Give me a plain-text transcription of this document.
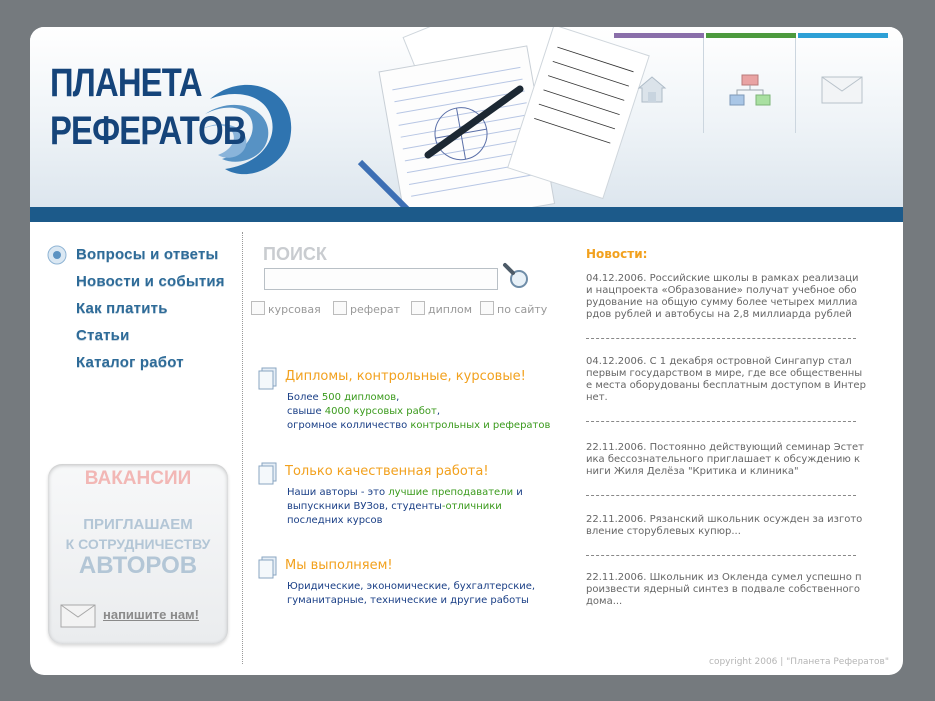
ПЛАНЕТА
РЕФЕРАТОВ
Вопросы и ответы
Новости и события
Как платить
Статьи
Каталог работ
ВАКАНСИИ
ПРИГЛАШАЕМ
К СОТРУДНИЧЕСТВУ
АВТОРОВ
напишите нам!
ПОИСК
курсовая	реферат	диплом	по сайту
Дипломы, контрольные, курсовые!
Более 500 дипломов,
свыше 4000 курсовых работ,
огромное колличество контрольных и рефератов
Только качественная работа!
Наши авторы - это лучшие преподаватели и
выпускники ВУЗов, студенты-отличники
последних курсов
Мы выполняем!
Юридические, экономические, бухгалтерские,
гуманитарные, технические и другие работы
Новости:
04.12.2006. Российские школы в рамках реализаци
и нацпроекта «Образование» получат учебное обо
рудование на общую сумму более четырех миллиа
рдов рублей и автобусы на 2,8 миллиарда рублей
04.12.2006. С 1 декабря островной Сингапур стал
первым государством в мире, где все общественны
е места оборудованы бесплатным доступом в Интер
нет.
22.11.2006. Постоянно действующий семинар Эстет
ика бессознательного приглашает к обсуждению к
ниги Жиля Делёза "Критика и клиника"
22.11.2006. Рязанский школьник осужден за изгото
вление сторублевых купюр...
22.11.2006. Школьник из Окленда сумел успешно п
роизвести ядерный синтез в подвале собственного
дома...
copyright 2006 | "Планета Рефератов"
